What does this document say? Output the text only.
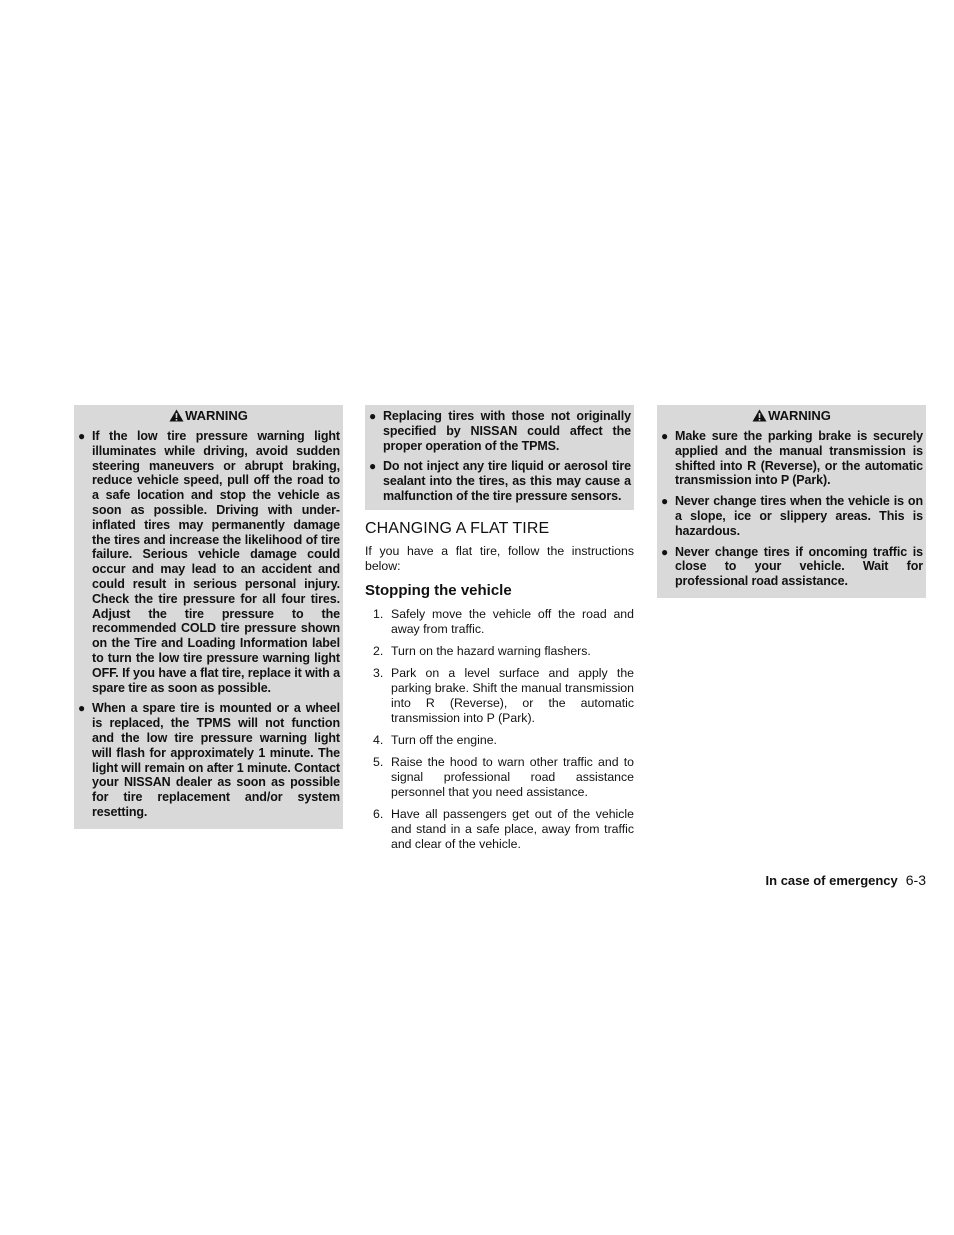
WARNING
● If the low tire pressure warning light illuminates while driving, avoid sudden steering maneuvers or abrupt braking, reduce vehicle speed, pull off the road to a safe location and stop the vehicle as soon as possible. Driving with under-inflated tires may permanently damage the tires and increase the likelihood of tire failure. Serious vehicle damage could occur and may lead to an accident and could result in serious personal injury. Check the tire pressure for all four tires. Adjust the tire pressure to the recommended COLD tire pressure shown on the Tire and Loading Information label to turn the low tire pressure warning light OFF. If you have a flat tire, replace it with a spare tire as soon as possible.
● When a spare tire is mounted or a wheel is replaced, the TPMS will not function and the low tire pressure warning light will flash for approximately 1 minute. The light will remain on after 1 minute. Contact your NISSAN dealer as soon as possible for tire replacement and/or system resetting.
● Replacing tires with those not originally specified by NISSAN could affect the proper operation of the TPMS.
● Do not inject any tire liquid or aerosol tire sealant into the tires, as this may cause a malfunction of the tire pressure sensors.
CHANGING A FLAT TIRE

If you have a flat tire, follow the instructions below:

Stopping the vehicle
1. Safely move the vehicle off the road and away from traffic.
2. Turn on the hazard warning flashers.
3. Park on a level surface and apply the parking brake. Shift the manual transmission into R (Reverse), or the automatic transmission into P (Park).
4. Turn off the engine.
5. Raise the hood to warn other traffic and to signal professional road assistance personnel that you need assistance.
6. Have all passengers get out of the vehicle and stand in a safe place, away from traffic and clear of the vehicle.
WARNING
● Make sure the parking brake is securely applied and the manual transmission is shifted into R (Reverse), or the automatic transmission into P (Park).
● Never change tires when the vehicle is on a slope, ice or slippery areas. This is hazardous.
● Never change tires if oncoming traffic is close to your vehicle. Wait for professional road assistance.
In case of emergency 6-3
